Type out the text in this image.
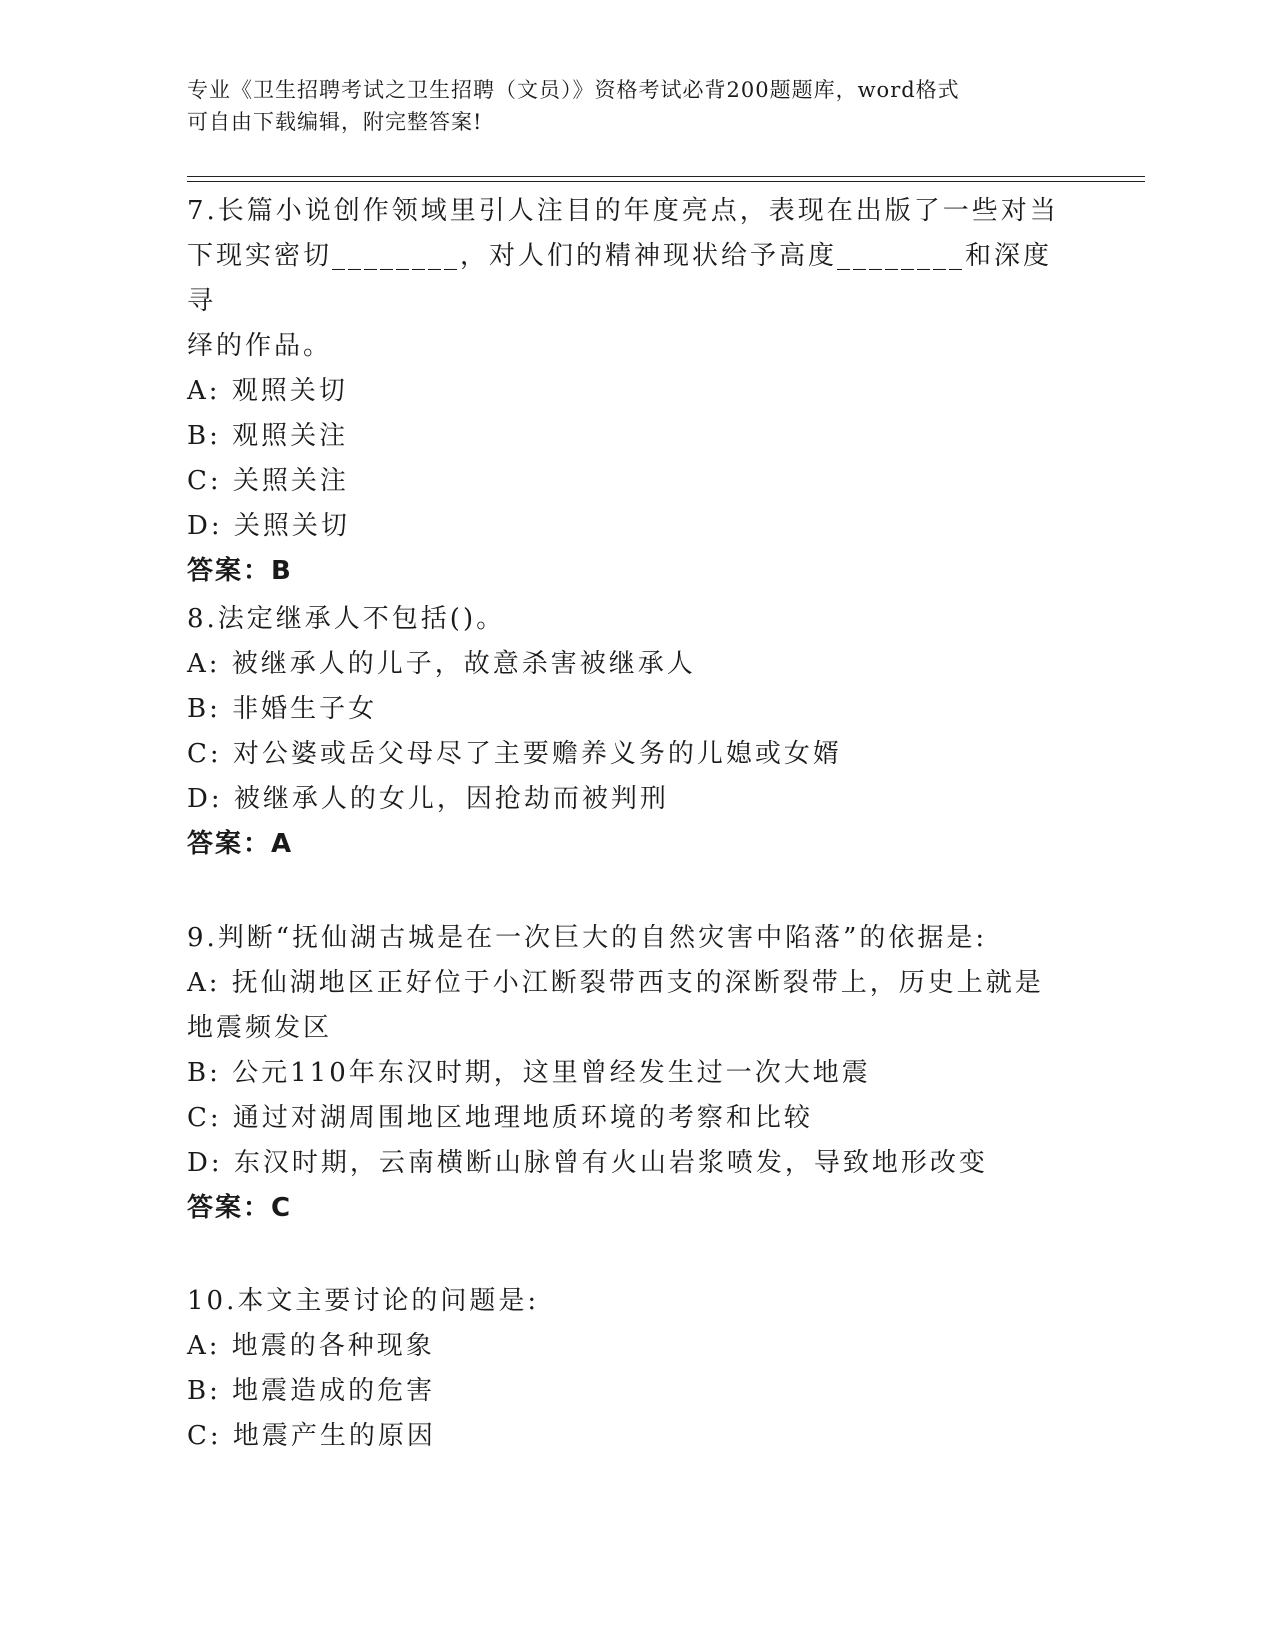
专业《卫生招聘考试之卫生招聘（文员）》资格考试必背200题题库，word格式
可自由下载编辑，附完整答案!
7.长篇小说创作领域里引人注目的年度亮点，表现在出版了一些对当
下现实密切________，对人们的精神现状给予高度________和深度寻
绎的作品。
A: 观照关切
B: 观照关注
C: 关照关注
D: 关照关切
答案：B
8.法定继承人不包括()。
A: 被继承人的儿子，故意杀害被继承人
B: 非婚生子女
C: 对公婆或岳父母尽了主要赡养义务的儿媳或女婿
D: 被继承人的女儿，因抢劫而被判刑
答案：A
9.判断“抚仙湖古城是在一次巨大的自然灾害中陷落”的依据是:
A: 抚仙湖地区正好位于小江断裂带西支的深断裂带上，历史上就是地震频发区
B: 公元110年东汉时期，这里曾经发生过一次大地震
C: 通过对湖周围地区地理地质环境的考察和比较
D: 东汉时期，云南横断山脉曾有火山岩浆喷发，导致地形改变
答案：C
10.本文主要讨论的问题是:
A: 地震的各种现象
B: 地震造成的危害
C: 地震产生的原因
